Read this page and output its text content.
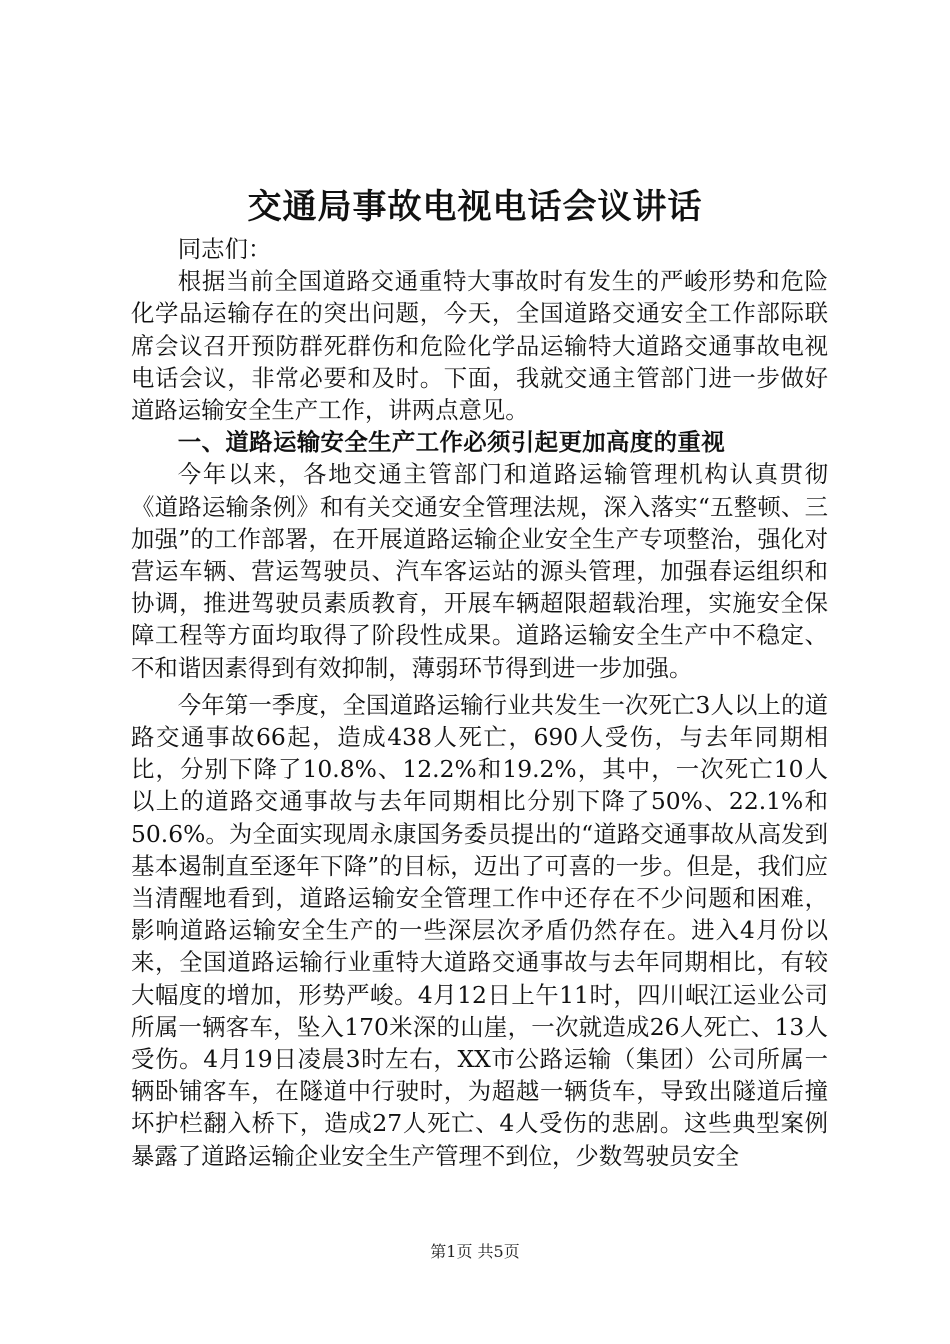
交通局事故电视电话会议讲话

同志们：

根据当前全国道路交通重特大事故时有发生的严峻形势和危险化学品运输存在的突出问题，今天，全国道路交通安全工作部际联席会议召开预防群死群伤和危险化学品运输特大道路交通事故电视电话会议，非常必要和及时。下面，我就交通主管部门进一步做好道路运输安全生产工作，讲两点意见。

一、道路运输安全生产工作必须引起更加高度的重视

今年以来，各地交通主管部门和道路运输管理机构认真贯彻《道路运输条例》和有关交通安全管理法规，深入落实“五整顿、三加强”的工作部署，在开展道路运输企业安全生产专项整治，强化对营运车辆、营运驾驶员、汽车客运站的源头管理，加强春运组织和协调，推进驾驶员素质教育，开展车辆超限超载治理，实施安全保障工程等方面均取得了阶段性成果。道路运输安全生产中不稳定、不和谐因素得到有效抑制，薄弱环节得到进一步加强。

今年第一季度，全国道路运输行业共发生一次死亡3人以上的道路交通事故66起，造成438人死亡，690人受伤，与去年同期相比，分别下降了10.8%、12.2%和19.2%，其中，一次死亡10人以上的道路交通事故与去年同期相比分别下降了50%、22.1%和50.6%。为全面实现周永康国务委员提出的“道路交通事故从高发到基本遏制直至逐年下降”的目标，迈出了可喜的一步。但是，我们应当清醒地看到，道路运输安全管理工作中还存在不少问题和困难，影响道路运输安全生产的一些深层次矛盾仍然存在。进入4月份以来，全国道路运输行业重特大道路交通事故与去年同期相比，有较大幅度的增加，形势严峻。4月12日上午11时，四川岷江运业公司所属一辆客车，坠入170米深的山崖，一次就造成26人死亡、13人受伤。4月19日凌晨3时左右，XX市公路运输（集团）公司所属一辆卧铺客车，在隧道中行驶时，为超越一辆货车，导致出隧道后撞坏护栏翻入桥下，造成27人死亡、4人受伤的悲剧。这些典型案例暴露了道路运输企业安全生产管理不到位，少数驾驶员安全

第1页 共5页
